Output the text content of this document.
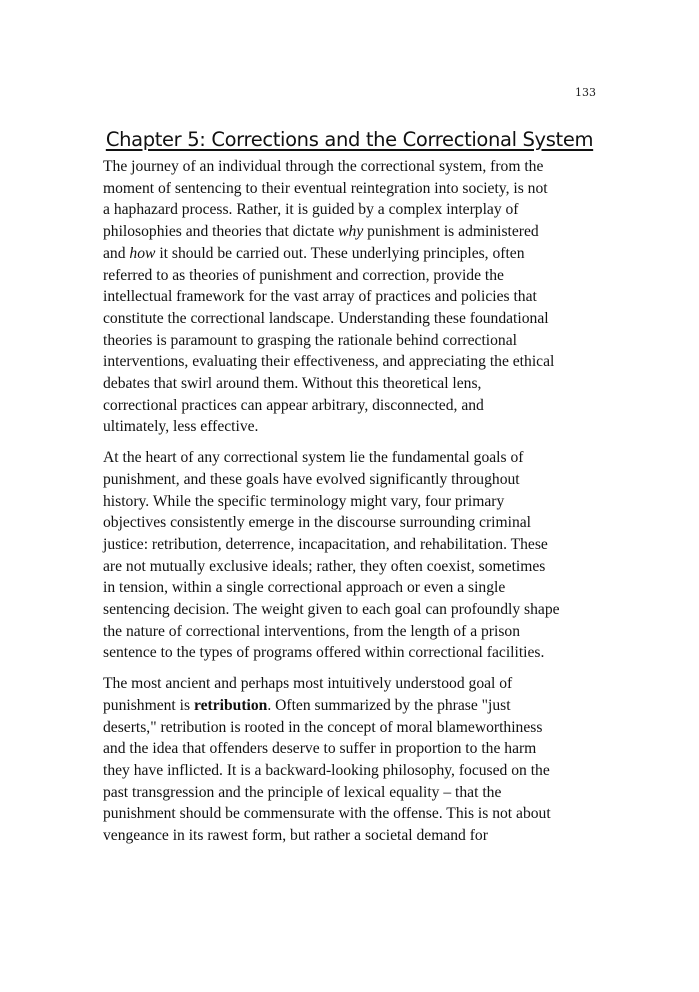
133
Chapter 5: Corrections and the Correctional System

The journey of an individual through the correctional system, from the
moment of sentencing to their eventual reintegration into society, is not
a haphazard process. Rather, it is guided by a complex interplay of
philosophies and theories that dictate why punishment is administered
and how it should be carried out. These underlying principles, often
referred to as theories of punishment and correction, provide the
intellectual framework for the vast array of practices and policies that
constitute the correctional landscape. Understanding these foundational
theories is paramount to grasping the rationale behind correctional
interventions, evaluating their effectiveness, and appreciating the ethical
debates that swirl around them. Without this theoretical lens,
correctional practices can appear arbitrary, disconnected, and
ultimately, less effective.

At the heart of any correctional system lie the fundamental goals of
punishment, and these goals have evolved significantly throughout
history. While the specific terminology might vary, four primary
objectives consistently emerge in the discourse surrounding criminal
justice: retribution, deterrence, incapacitation, and rehabilitation. These
are not mutually exclusive ideals; rather, they often coexist, sometimes
in tension, within a single correctional approach or even a single
sentencing decision. The weight given to each goal can profoundly shape
the nature of correctional interventions, from the length of a prison
sentence to the types of programs offered within correctional facilities.

The most ancient and perhaps most intuitively understood goal of
punishment is retribution. Often summarized by the phrase "just
deserts," retribution is rooted in the concept of moral blameworthiness
and the idea that offenders deserve to suffer in proportion to the harm
they have inflicted. It is a backward-looking philosophy, focused on the
past transgression and the principle of lexical equality – that the
punishment should be commensurate with the offense. This is not about
vengeance in its rawest form, but rather a societal demand for
